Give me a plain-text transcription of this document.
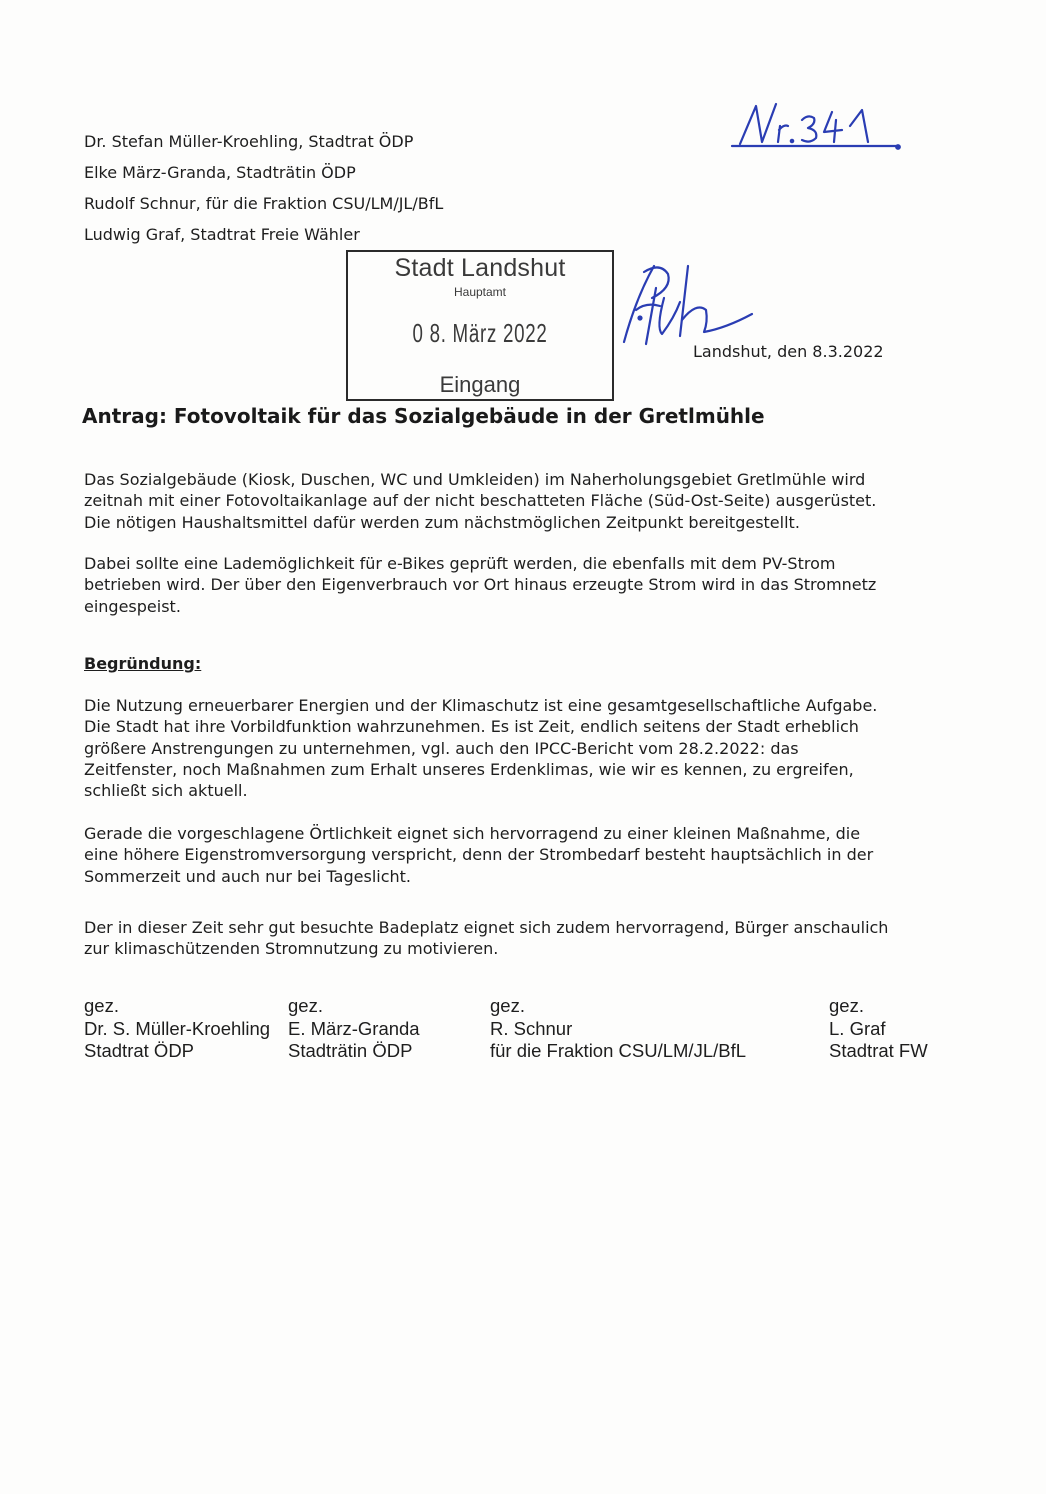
Dr. Stefan Müller-Kroehling, Stadtrat ÖDP
Elke März-Granda, Stadträtin ÖDP
Rudolf Schnur, für die Fraktion CSU/LM/JL/BfL
Ludwig Graf, Stadtrat Freie Wähler
Stadt Landshut
Hauptamt
0 8. März 2022
Eingang
Landshut, den 8.3.2022
Antrag: Fotovoltaik für das Sozialgebäude in der Gretlmühle
Das Sozialgebäude (Kiosk, Duschen, WC und Umkleiden) im Naherholungsgebiet Gretlmühle wird
zeitnah mit einer Fotovoltaikanlage auf der nicht beschatteten Fläche (Süd-Ost-Seite) ausgerüstet.
Die nötigen Haushaltsmittel dafür werden zum nächstmöglichen Zeitpunkt bereitgestellt.
Dabei sollte eine Lademöglichkeit für e-Bikes geprüft werden, die ebenfalls mit dem PV-Strom
betrieben wird. Der über den Eigenverbrauch vor Ort hinaus erzeugte Strom wird in das Stromnetz
eingespeist.
Begründung:
Die Nutzung erneuerbarer Energien und der Klimaschutz ist eine gesamtgesellschaftliche Aufgabe.
Die Stadt hat ihre Vorbildfunktion wahrzunehmen. Es ist Zeit, endlich seitens der Stadt erheblich
größere Anstrengungen zu unternehmen, vgl. auch den IPCC-Bericht vom 28.2.2022: das
Zeitfenster, noch Maßnahmen zum Erhalt unseres Erdenklimas, wie wir es kennen, zu ergreifen,
schließt sich aktuell.
Gerade die vorgeschlagene Örtlichkeit eignet sich hervorragend zu einer kleinen Maßnahme, die
eine höhere Eigenstromversorgung verspricht, denn der Strombedarf besteht hauptsächlich in der
Sommerzeit und auch nur bei Tageslicht.
Der in dieser Zeit sehr gut besuchte Badeplatz eignet sich zudem hervorragend, Bürger anschaulich
zur klimaschützenden Stromnutzung zu motivieren.
gez.
Dr. S. Müller-Kroehling
Stadtrat ÖDP
gez.
E. März-Granda
Stadträtin ÖDP
gez.
R. Schnur
für die Fraktion CSU/LM/JL/BfL
gez.
L. Graf
Stadtrat FW
